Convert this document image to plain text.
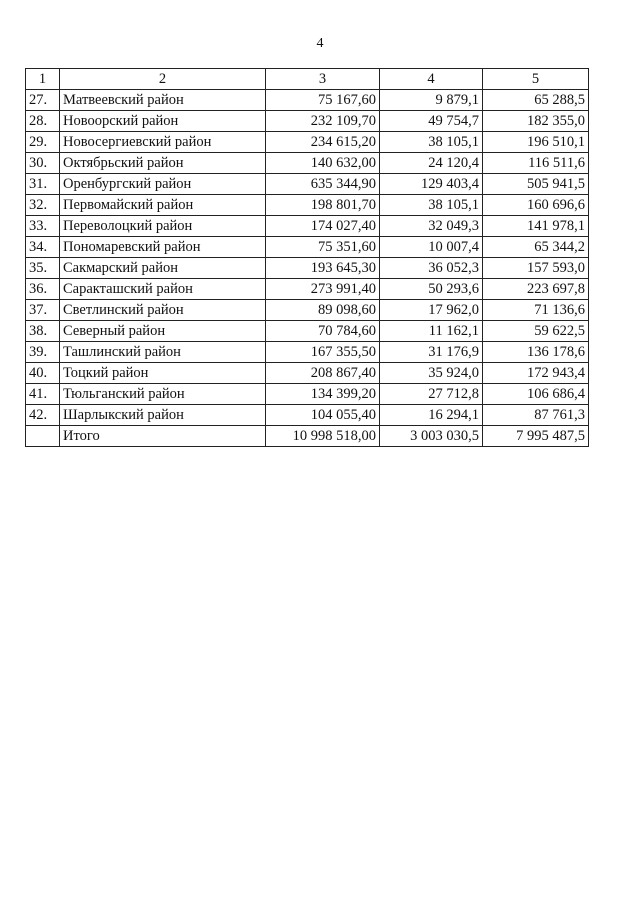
4
1	2	3	4	5
27.	Матвеевский район	75 167,60	9 879,1	65 288,5
28.	Новоорский район	232 109,70	49 754,7	182 355,0
29.	Новосергиевский район	234 615,20	38 105,1	196 510,1
30.	Октябрьский район	140 632,00	24 120,4	116 511,6
31.	Оренбургский район	635 344,90	129 403,4	505 941,5
32.	Первомайский район	198 801,70	38 105,1	160 696,6
33.	Переволоцкий район	174 027,40	32 049,3	141 978,1
34.	Пономаревский район	75 351,60	10 007,4	65 344,2
35.	Сакмарский район	193 645,30	36 052,3	157 593,0
36.	Саракташский район	273 991,40	50 293,6	223 697,8
37.	Светлинский район	89 098,60	17 962,0	71 136,6
38.	Северный район	70 784,60	11 162,1	59 622,5
39.	Ташлинский район	167 355,50	31 176,9	136 178,6
40.	Тоцкий район	208 867,40	35 924,0	172 943,4
41.	Тюльганский район	134 399,20	27 712,8	106 686,4
42.	Шарлыкский район	104 055,40	16 294,1	87 761,3
	Итого	10 998 518,00	3 003 030,5	7 995 487,5
